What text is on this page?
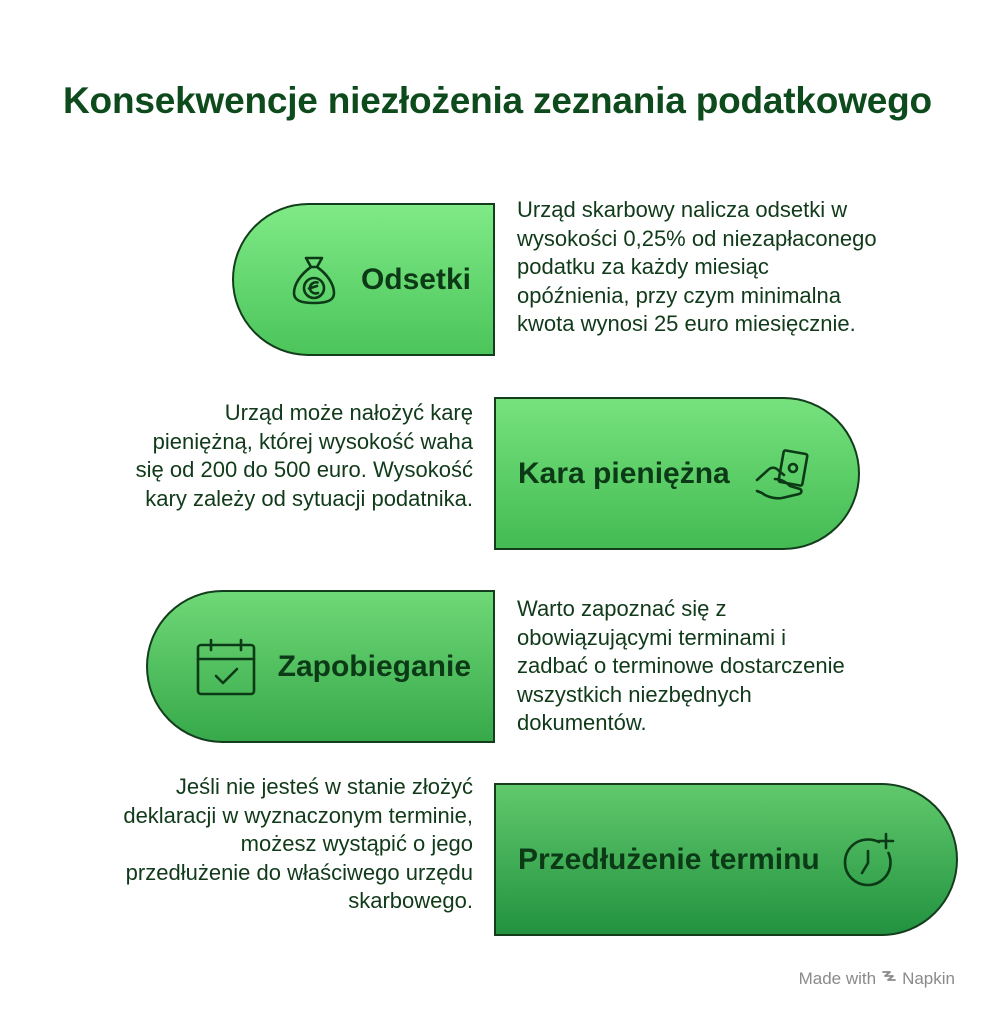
Konsekwencje niezłożenia zeznania podatkowego
Odsetki
Urząd skarbowy nalicza odsetki w wysokości 0,25% od niezapłaconego podatku za każdy miesiąc opóźnienia, przy czym minimalna kwota wynosi 25 euro miesięcznie.
Kara pieniężna
Urząd może nałożyć karę pieniężną, której wysokość waha się od 200 do 500 euro. Wysokość kary zależy od sytuacji podatnika.
Zapobieganie
Warto zapoznać się z obowiązującymi terminami i zadbać o terminowe dostarczenie wszystkich niezbędnych dokumentów.
Przedłużenie terminu
Jeśli nie jesteś w stanie złożyć deklaracji w wyznaczonym terminie, możesz wystąpić o jego przedłużenie do właściwego urzędu skarbowego.
Made with Napkin
